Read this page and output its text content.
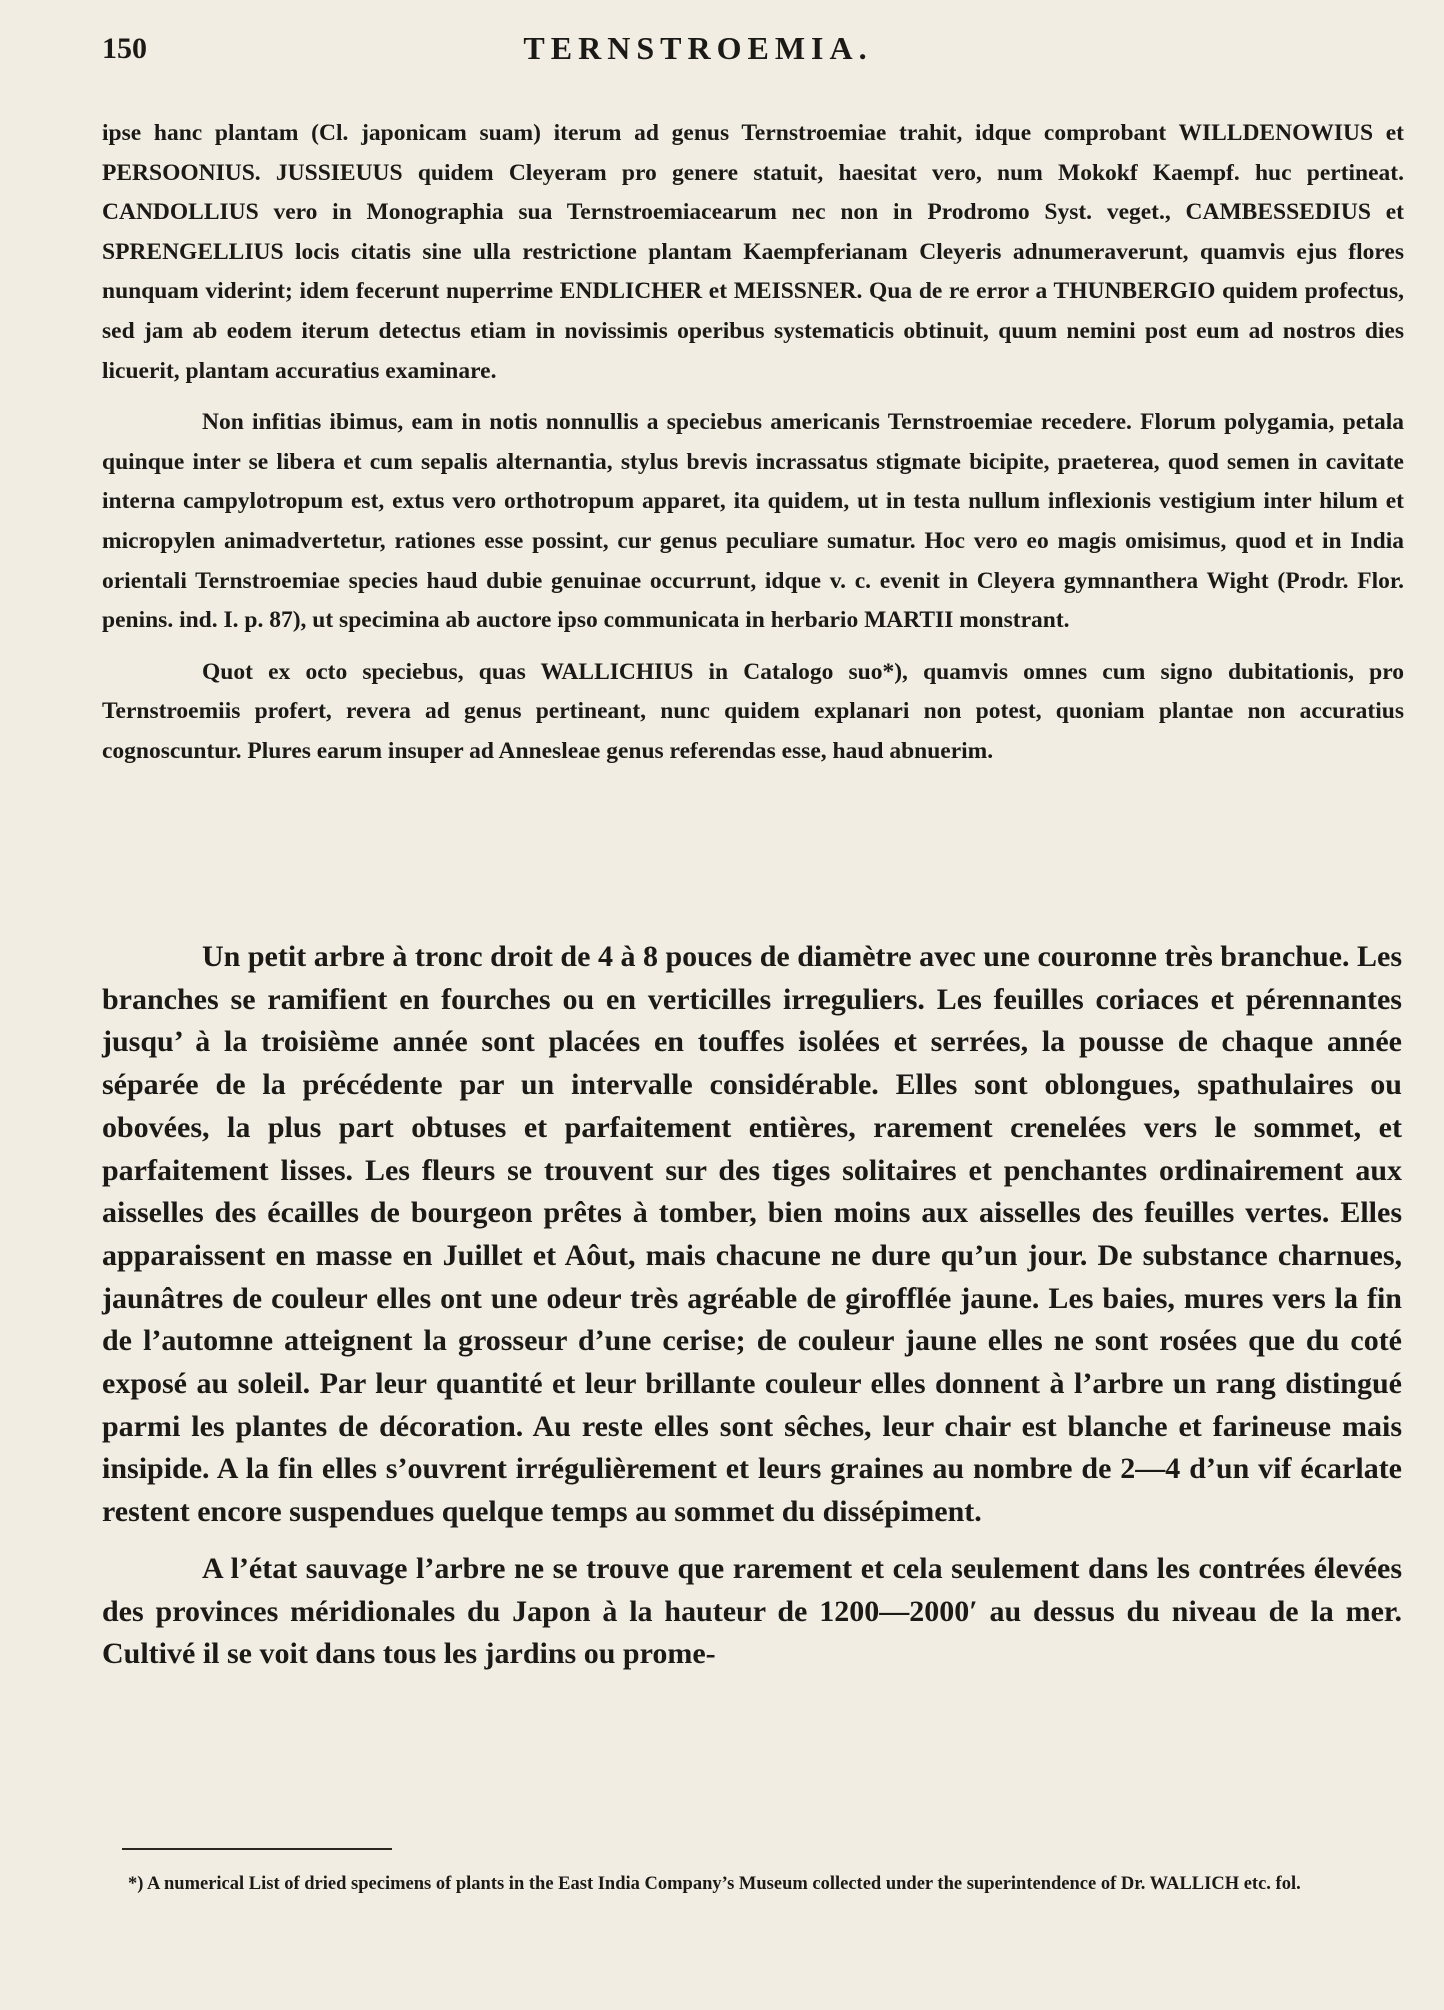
150	TERNSTROEMIA.

ipse hanc plantam (Cl. japonicam suam) iterum ad genus Ternstroemiae trahit, idque comprobant WILLDENOWIUS et PERSOONIUS. JUSSIEUUS quidem Cleyeram pro genere statuit, haesitat vero, num Mokokf Kaempf. huc pertineat. CANDOLLIUS vero in Monographia sua Ternstroemiacearum nec non in Prodromo Syst. veget., CAMBESSEDIUS et SPRENGELLIUS locis citatis sine ulla restrictione plantam Kaempferianam Cleyeris adnumeraverunt, quamvis ejus flores nunquam viderint; idem fecerunt nuperrime ENDLICHER et MEISSNER. Qua de re error a THUNBERGIO quidem profectus, sed jam ab eodem iterum detectus etiam in novissimis operibus systematicis obtinuit, quum nemini post eum ad nostros dies licuerit, plantam accuratius examinare.

Non infitias ibimus, eam in notis nonnullis a speciebus americanis Ternstroemiae recedere. Florum polygamia, petala quinque inter se libera et cum sepalis alternantia, stylus brevis incrassatus stigmate bicipite, praeterea, quod semen in cavitate interna campylotropum est, extus vero orthotropum apparet, ita quidem, ut in testa nullum inflexionis vestigium inter hilum et micropylen animadvertetur, rationes esse possint, cur genus peculiare sumatur. Hoc vero eo magis omisimus, quod et in India orientali Ternstroemiae species haud dubie genuinae occurrunt, idque v. c. evenit in Cleyera gymnanthera Wight (Prodr. Flor. penins. ind. I. p. 87), ut specimina ab auctore ipso communicata in herbario MARTII monstrant.

Quot ex octo speciebus, quas WALLICHIUS in Catalogo suo*), quamvis omnes cum signo dubitationis, pro Ternstroemiis profert, revera ad genus pertineant, nunc quidem explanari non potest, quoniam plantae non accuratius cognoscuntur. Plures earum insuper ad Annesleae genus referendas esse, haud abnuerim.

Un petit arbre à tronc droit de 4 à 8 pouces de diamètre avec une couronne très branchue. Les branches se ramifient en fourches ou en verticilles irreguliers. Les feuilles coriaces et pérennantes jusqu’ à la troisième année sont placées en touffes isolées et serrées, la pousse de chaque année séparée de la précédente par un intervalle considérable. Elles sont oblongues, spathulaires ou obovées, la plus part obtuses et parfaitement entières, rarement crenelées vers le sommet, et parfaitement lisses. Les fleurs se trouvent sur des tiges solitaires et penchantes ordinairement aux aisselles des écailles de bourgeon prêtes à tomber, bien moins aux aisselles des feuilles vertes. Elles apparaissent en masse en Juillet et Aôut, mais chacune ne dure qu’un jour. De substance charnues, jaunâtres de couleur elles ont une odeur très agréable de girofflée jaune. Les baies, mures vers la fin de l’automne atteignent la grosseur d’une cerise; de couleur jaune elles ne sont rosées que du coté exposé au soleil. Par leur quantité et leur brillante couleur elles donnent à l’arbre un rang distingué parmi les plantes de décoration. Au reste elles sont sêches, leur chair est blanche et farineuse mais insipide. A la fin elles s’ouvrent irrégulièrement et leurs graines au nombre de 2—4 d’un vif écarlate restent encore suspendues quelque temps au sommet du dissépiment.

A l’état sauvage l’arbre ne se trouve que rarement et cela seulement dans les contrées élevées des provinces méridionales du Japon à la hauteur de 1200—2000′ au dessus du niveau de la mer. Cultivé il se voit dans tous les jardins ou prome-

*) A numerical List of dried specimens of plants in the East India Company’s Museum collected under the superintendence of Dr. WALLICH etc. fol.
